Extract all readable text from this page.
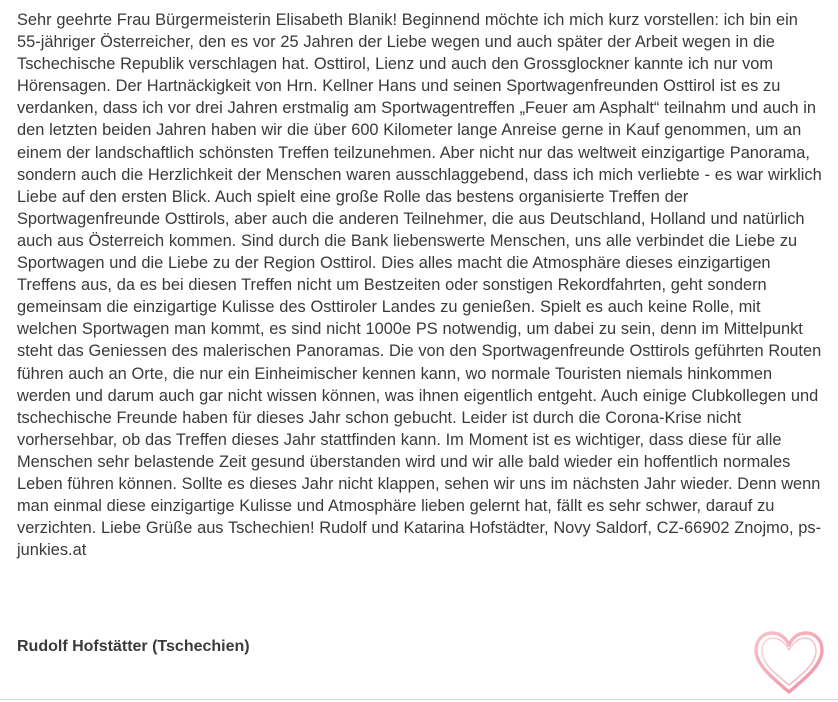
Sehr geehrte Frau Bürgermeisterin Elisabeth Blanik! Beginnend möchte ich mich kurz vorstellen: ich bin ein 55-jähriger Österreicher, den es vor 25 Jahren der Liebe wegen und auch später der Arbeit wegen in die Tschechische Republik verschlagen hat. Osttirol, Lienz und auch den Grossglockner kannte ich nur vom Hörensagen. Der Hartnäckigkeit von Hrn. Kellner Hans und seinen Sportwagenfreunden Osttirol ist es zu verdanken, dass ich vor drei Jahren erstmalig am Sportwagentreffen „Feuer am Asphalt“ teilnahm und auch in den letzten beiden Jahren haben wir die über 600 Kilometer lange Anreise gerne in Kauf genommen, um an einem der landschaftlich schönsten Treffen teilzunehmen. Aber nicht nur das weltweit einzigartige Panorama, sondern auch die Herzlichkeit der Menschen waren ausschlaggebend, dass ich mich verliebte - es war wirklich Liebe auf den ersten Blick. Auch spielt eine große Rolle das bestens organisierte Treffen der Sportwagenfreunde Osttirols, aber auch die anderen Teilnehmer, die aus Deutschland, Holland und natürlich auch aus Österreich kommen. Sind durch die Bank liebenswerte Menschen, uns alle verbindet die Liebe zu Sportwagen und die Liebe zu der Region Osttirol. Dies alles macht die Atmosphäre dieses einzigartigen Treffens aus, da es bei diesen Treffen nicht um Bestzeiten oder sonstigen Rekordfahrten, geht sondern gemeinsam die einzigartige Kulisse des Osttiroler Landes zu genießen. Spielt es auch keine Rolle, mit welchen Sportwagen man kommt, es sind nicht 1000e PS notwendig, um dabei zu sein, denn im Mittelpunkt steht das Geniessen des malerischen Panoramas. Die von den Sportwagenfreunde Osttirols geführten Routen führen auch an Orte, die nur ein Einheimischer kennen kann, wo normale Touristen niemals hinkommen werden und darum auch gar nicht wissen können, was ihnen eigentlich entgeht. Auch einige Clubkollegen und tschechische Freunde haben für dieses Jahr schon gebucht. Leider ist durch die Corona-Krise nicht vorhersehbar, ob das Treffen dieses Jahr stattfinden kann. Im Moment ist es wichtiger, dass diese für alle Menschen sehr belastende Zeit gesund überstanden wird und wir alle bald wieder ein hoffentlich normales Leben führen können. Sollte es dieses Jahr nicht klappen, sehen wir uns im nächsten Jahr wieder. Denn wenn man einmal diese einzigartige Kulisse und Atmosphäre lieben gelernt hat, fällt es sehr schwer, darauf zu verzichten. Liebe Grüße aus Tschechien! Rudolf und Katarina Hofstädter, Novy Saldorf, CZ-66902 Znojmo, ps-junkies.at

Rudolf Hofstätter (Tschechien)
